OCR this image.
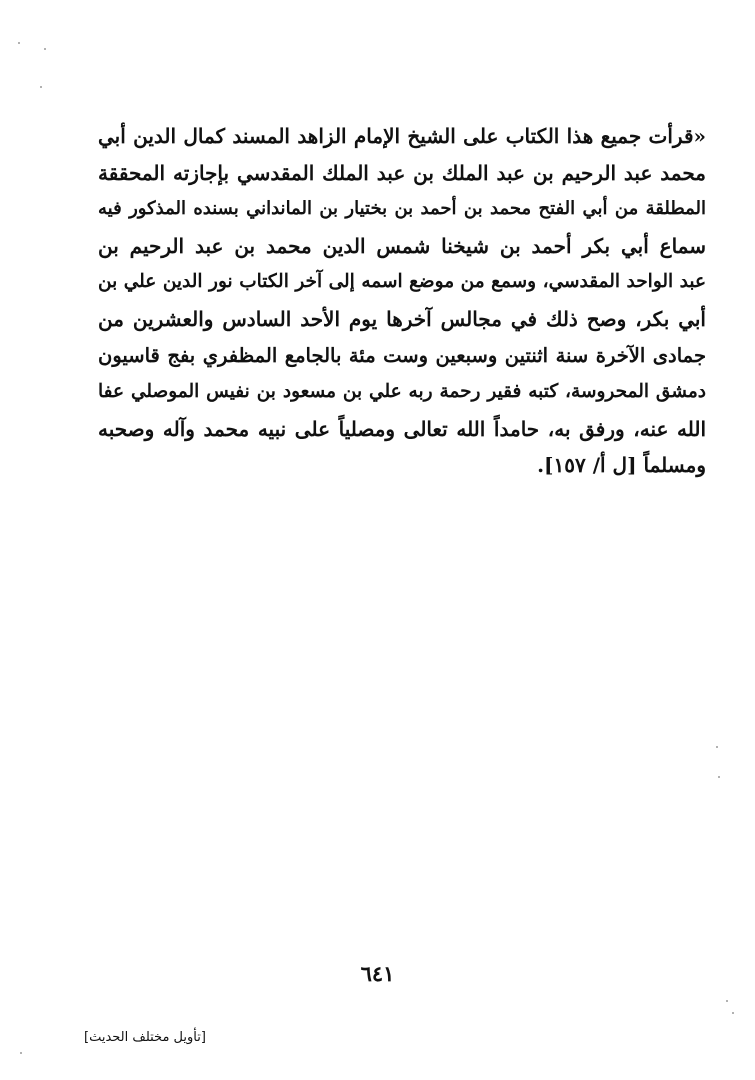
«قرأت جميع هذا الكتاب على الشيخ الإمام الزاهد المسند كمال الدين أبي
محمد عبد الرحيم بن عبد الملك بن عبد الملك المقدسي بإجازته المحققة
المطلقة من أبي الفتح محمد بن أحمد بن بختيار بن المانداني بسنده المذكور فيه
سماع أبي بكر أحمد بن شيخنا شمس الدين محمد بن عبد الرحيم بن
عبد الواحد المقدسي، وسمع من موضع اسمه إلى آخر الكتاب نور الدين علي بن
أبي بكر، وصح ذلك في مجالس آخرها يوم الأحد السادس والعشرين من
جمادى الآخرة سنة اثنتين وسبعين وست مئة بالجامع المظفري بفج قاسيون
دمشق المحروسة، كتبه فقير رحمة ربه علي بن مسعود بن نفيس الموصلي عفا
الله عنه، ورفق به، حامداً الله تعالى ومصلياً على نبيه محمد وآله وصحبه
ومسلماً [ل أ/ ١٥٧].
٦٤١
[تأويل مختلف الحديث]
